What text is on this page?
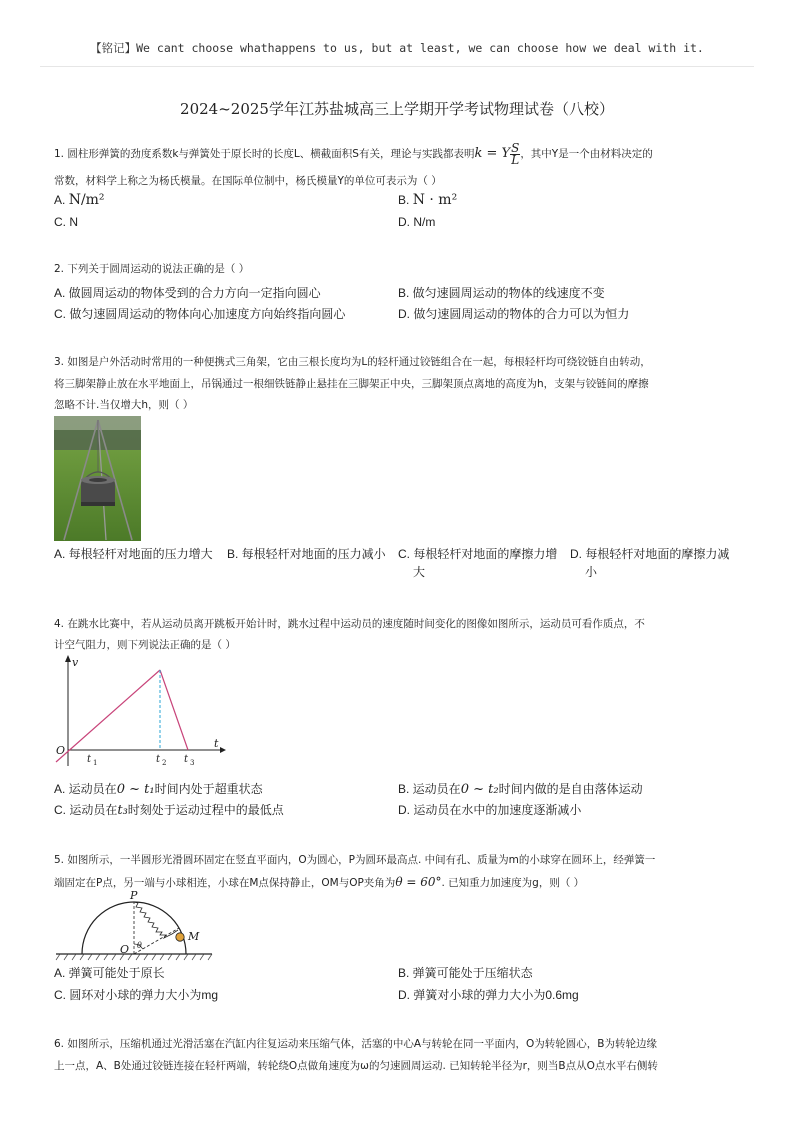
【铭记】We cant choose whathappens to us, but at least, we can choose how we deal with it.
2024~2025学年江苏盐城高三上学期开学考试物理试卷（八校）
1. 圆柱形弹簧的劲度系数k与弹簧处于原长时的长度L、横截面积S有关，理论与实践都表明k = Y $\frac{S}{L}$ ，其中Y是一个由材料决定的
常数，材料学上称之为杨氏模量。在国际单位制中，杨氏模量Y的单位可表示为（ ）
A. N/m²	B. N · m²
C. N	D. N/m
2. 下列关于圆周运动的说法正确的是（ ）
A. 做圆周运动的物体受到的合力方向一定指向圆心	B. 做匀速圆周运动的物体的线速度不变
C. 做匀速圆周运动的物体向心加速度方向始终指向圆心	D. 做匀速圆周运动的物体的合力可以为恒力
3. 如图是户外活动时常用的一种便携式三角架，它由三根长度均为L的轻杆通过铰链组合在一起，每根轻杆均可绕铰链自由转动，
将三脚架静止放在水平地面上，吊锅通过一根细铁链静止悬挂在三脚架正中央，三脚架顶点离地的高度为h，支架与铰链间的摩擦
忽略不计.当仅增大h，则（ ）
A. 每根轻杆对地面的压力增大	B. 每根轻杆对地面的压力减小	C. 每根轻杆对地面的摩擦力增
大
D. 每根轻杆对地面的摩擦力减
小
4. 在跳水比赛中，若从运动员离开跳板开始计时，跳水过程中运动员的速度随时间变化的图像如图所示，运动员可看作质点，不
计空气阻力，则下列说法正确的是（ ）
v
O
t
t 1	t 2 t 3
A. 运动员在0 ~ t₁时间内处于超重状态	B. 运动员在0 ~ t₂时间内做的是自由落体运动
C. 运动员在t₃时刻处于运动过程中的最低点	D. 运动员在水中的加速度逐渐减小
5. 如图所示，一半圆形光滑圆环固定在竖直平面内，O为圆心，P为圆环最高点. 中间有孔、质量为m的小球穿在圆环上，经弹簧一
端固定在P点，另一端与小球相连，小球在M点保持静止，OM与OP夹角为θ = 60°. 已知重力加速度为g，则（ ）
P
O θ
M
A. 弹簧可能处于原长	B. 弹簧可能处于压缩状态
C. 圆环对小球的弹力大小为mg	D. 弹簧对小球的弹力大小为0.6mg
6. 如图所示，压缩机通过光滑活塞在汽缸内往复运动来压缩气体，活塞的中心A与转轮在同一平面内，O为转轮圆心，B为转轮边缘
上一点，A、B处通过铰链连接在轻杆两端，转轮绕O点做角速度为ω的匀速圆周运动. 已知转轮半径为r，则当B点从O点水平右侧转
